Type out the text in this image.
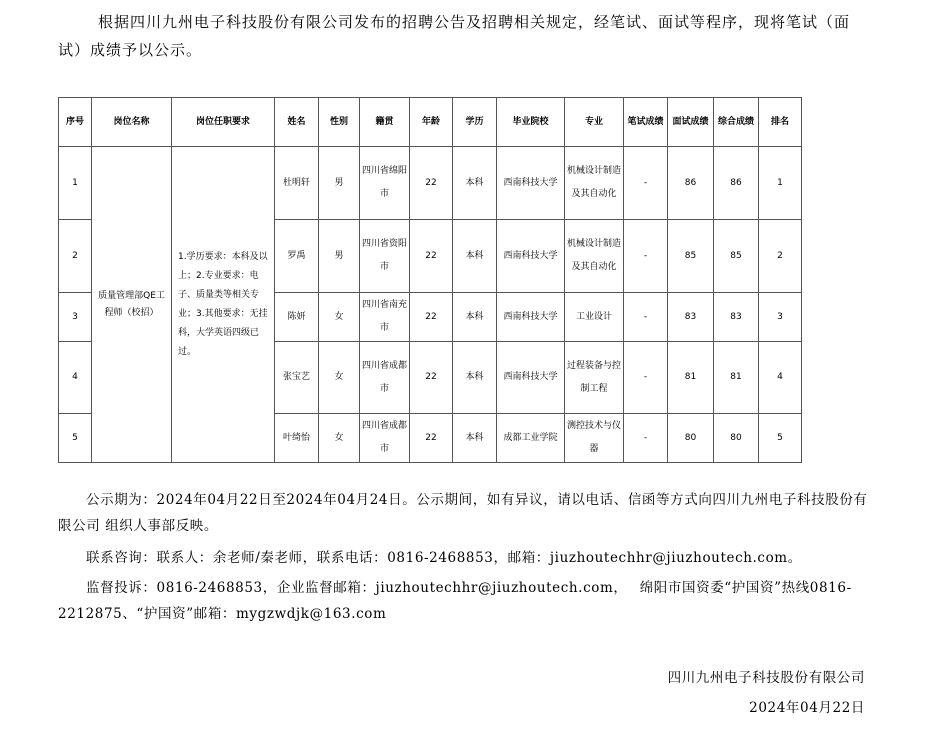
根据四川九州电子科技股份有限公司发布的招聘公告及招聘相关规定，经笔试、面试等程序，现将笔试（面试）成绩予以公示。
序号	岗位名称	岗位任职要求	姓名	性别	籍贯	年龄	学历	毕业院校	专业	笔试成绩	面试成绩	综合成绩	排名
1	质量管理部QE工程师（校招）	1.学历要求：本科及以上；2.专业要求：电子、质量类等相关专业；3.其他要求：无挂科，大学英语四级已过。	杜明轩	男	四川省绵阳市	22	本科	西南科技大学	机械设计制造及其自动化	-	86	86	1
2			罗禹	男	四川省资阳市	22	本科	西南科技大学	机械设计制造及其自动化	-	85	85	2
3			陈妍	女	四川省南充市	22	本科	西南科技大学	工业设计	-	83	83	3
4			张宝艺	女	四川省成都市	22	本科	西南科技大学	过程装备与控制工程	-	81	81	4
5			叶绮怡	女	四川省成都市	22	本科	成都工业学院	测控技术与仪器	-	80	80	5
公示期为：2024年04月22日至2024年04月24日。公示期间，如有异议，请以电话、信函等方式向四川九州电子科技股份有限公司 组织人事部反映。
联系咨询：联系人：余老师/秦老师，联系电话：0816-2468853，邮箱：jiuzhoutechhr@jiuzhoutech.com。
监督投诉：0816-2468853，企业监督邮箱：jiuzhoutechhr@jiuzhoutech.com，　 绵阳市国资委“护国资”热线0816-2212875、“护国资”邮箱：mygzwdjk@163.com
四川九州电子科技股份有限公司
2024年04月22日
